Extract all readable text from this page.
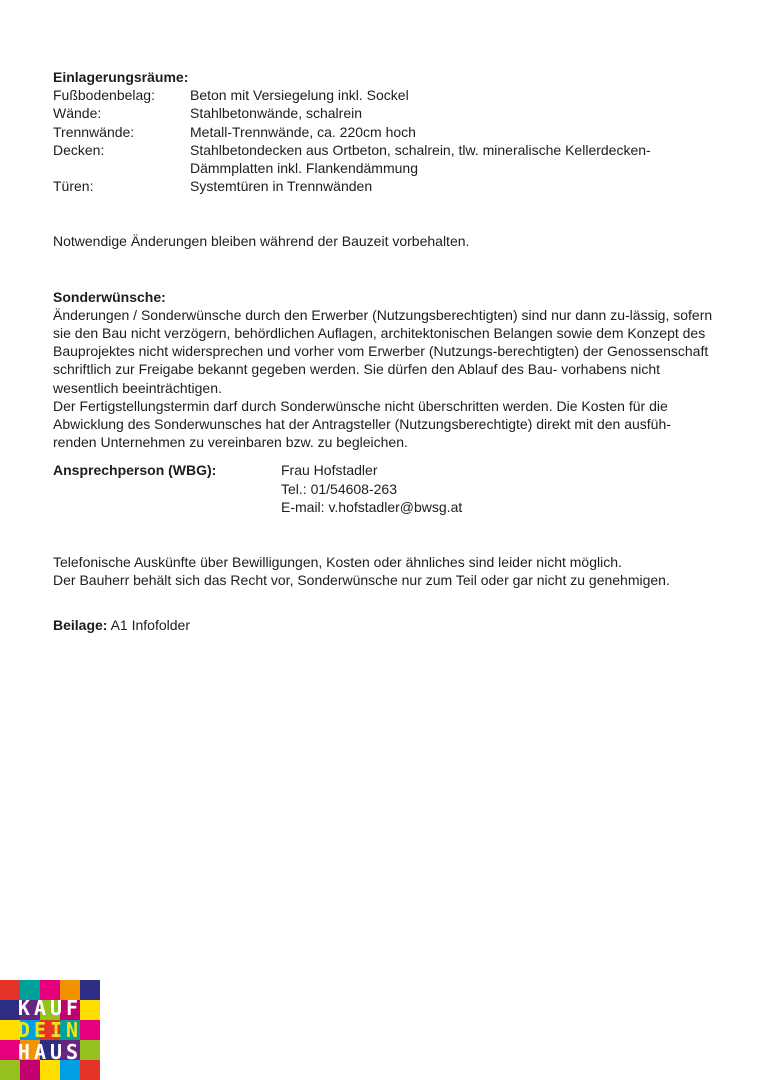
Einlagerungsräume:
Fußbodenbelag:	Beton mit Versiegelung inkl. Sockel
Wände:	Stahlbetonwände, schalrein
Trennwände:	Metall-Trennwände, ca. 220cm hoch
Decken:	Stahlbetondecken aus Ortbeton, schalrein, tlw. mineralische Kellerdecken-Dämmplatten inkl. Flankendämmung
Türen:	Systemtüren in Trennwänden

Notwendige Änderungen bleiben während der Bauzeit vorbehalten.

Sonderwünsche:

Änderungen / Sonderwünsche durch den Erwerber (Nutzungsberechtigten) sind nur dann zu-lässig, sofern sie den Bau nicht verzögern, behördlichen Auflagen, architektonischen Belangen sowie dem Konzept des Bauprojektes nicht widersprechen und vorher vom Erwerber (Nutzungs-berechtigten) der Genossenschaft schriftlich zur Freigabe bekannt gegeben werden. Sie dürfen den Ablauf des Bau- vorhabens nicht wesentlich beeinträchtigen.

Der Fertigstellungstermin darf durch Sonderwünsche nicht überschritten werden. Die Kosten für die Abwicklung des Sonderwunsches hat der Antragsteller (Nutzungsberechtigte) direkt mit den ausfüh- renden Unternehmen zu vereinbaren bzw. zu begleichen.

Ansprechperson (WBG):	Frau Hofstadler
Tel.: 01/54608-263
E-mail: v.hofstadler@bwsg.at

Telefonische Auskünfte über Bewilligungen, Kosten oder ähnliches sind leider nicht möglich.

Der Bauherr behält sich das Recht vor, Sonderwünsche nur zum Teil oder gar nicht zu genehmigen.

Beilage: A1 Infofolder
KAUF
DEIN
HAUS
